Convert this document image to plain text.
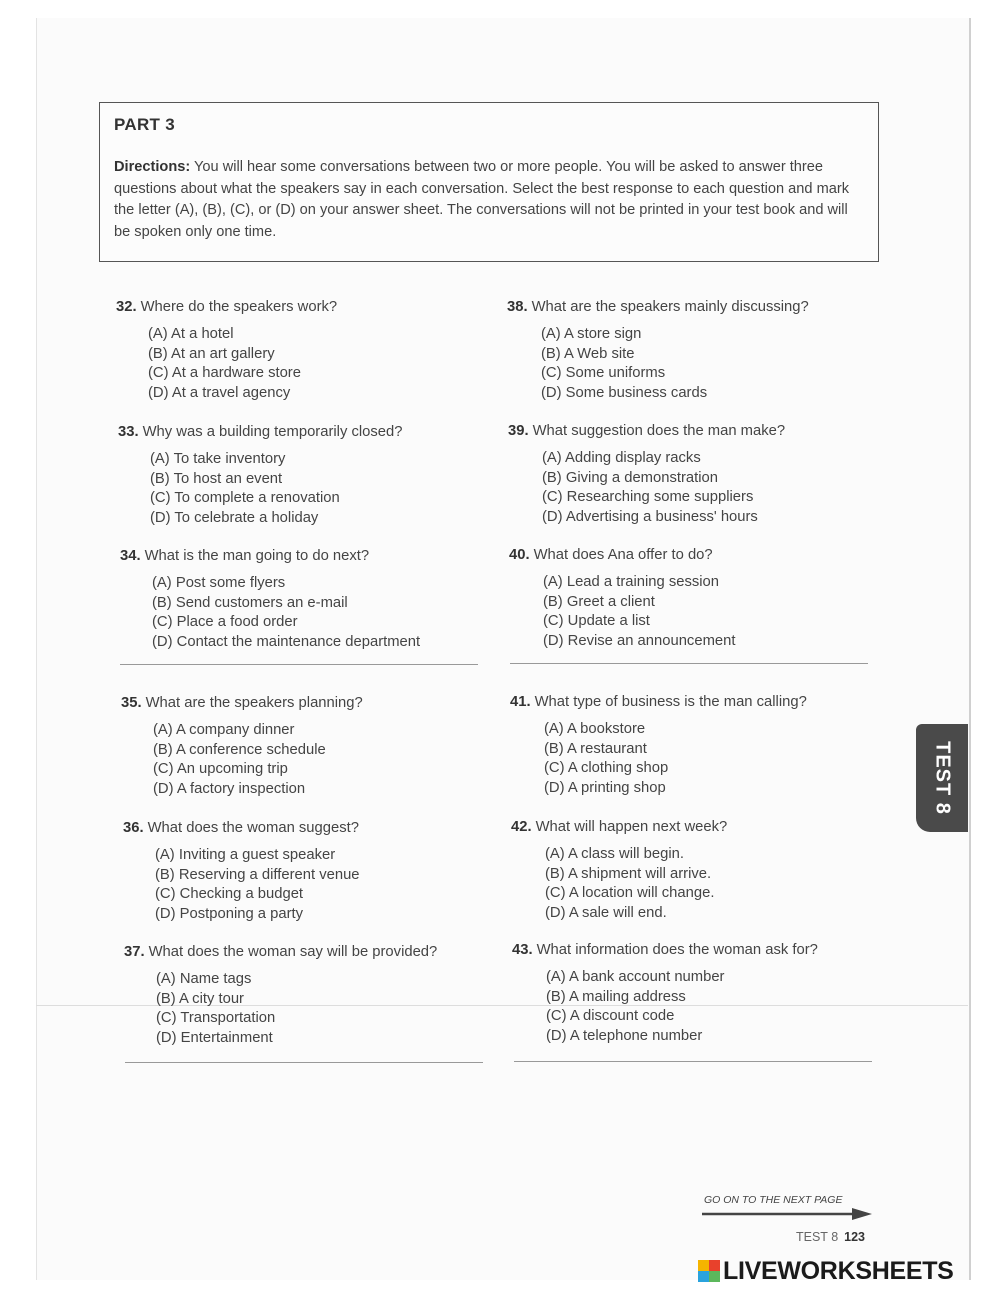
PART 3

Directions: You will hear some conversations between two or more people. You will be asked to answer three questions about what the speakers say in each conversation. Select the best response to each question and mark the letter (A), (B), (C), or (D) on your answer sheet. The conversations will not be printed in your test book and will be spoken only one time.

32. Where do the speakers work?
(A) At a hotel
(B) At an art gallery
(C) At a hardware store
(D) At a travel agency
33. Why was a building temporarily closed?
(A) To take inventory
(B) To host an event
(C) To complete a renovation
(D) To celebrate a holiday
34. What is the man going to do next?
(A) Post some flyers
(B) Send customers an e-mail
(C) Place a food order
(D) Contact the maintenance department
35. What are the speakers planning?
(A) A company dinner
(B) A conference schedule
(C) An upcoming trip
(D) A factory inspection
36. What does the woman suggest?
(A) Inviting a guest speaker
(B) Reserving a different venue
(C) Checking a budget
(D) Postponing a party
37. What does the woman say will be provided?
(A) Name tags
(B) A city tour
(C) Transportation
(D) Entertainment
38. What are the speakers mainly discussing?
(A) A store sign
(B) A Web site
(C) Some uniforms
(D) Some business cards
39. What suggestion does the man make?
(A) Adding display racks
(B) Giving a demonstration
(C) Researching some suppliers
(D) Advertising a business' hours
40. What does Ana offer to do?
(A) Lead a training session
(B) Greet a client
(C) Update a list
(D) Revise an announcement
41. What type of business is the man calling?
(A) A bookstore
(B) A restaurant
(C) A clothing shop
(D) A printing shop
42. What will happen next week?
(A) A class will begin.
(B) A shipment will arrive.
(C) A location will change.
(D) A sale will end.
43. What information does the woman ask for?
(A) A bank account number
(B) A mailing address
(C) A discount code
(D) A telephone number
TEST 8
GO ON TO THE NEXT PAGE
TEST 8 123
LIVEWORKSHEETS
